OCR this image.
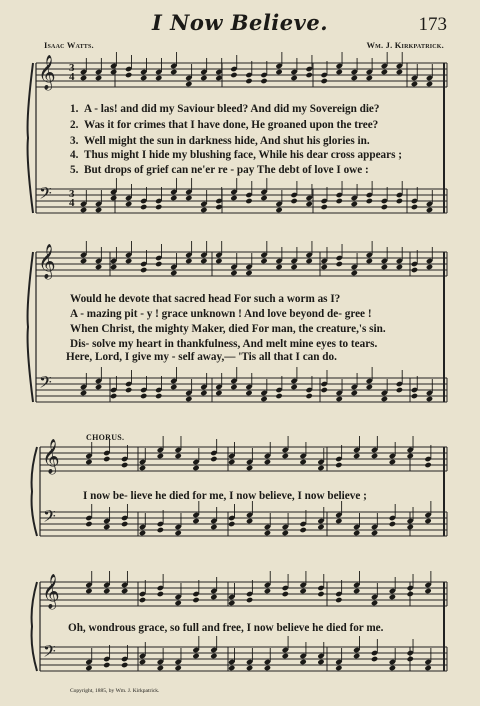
I Now Believe.	173
Isaac Watts.	Wm. J. Kirkpatrick.
𝄞
𝄢
𝄞
𝄢
𝄞
𝄢
𝄞
𝄢
3
4
3
4
1. A - las! and did my Saviour bleed? And did my Sovereign die?
2. Was it for crimes that I have done, He groaned upon the tree?
3. Well might the sun in darkness hide, And shut his glories in.
4. Thus might I hide my blushing face, While his dear cross appears ;
5. But drops of grief can ne'er re - pay The debt of love I owe :
Would he devote that sacred head For such a worm as I?
A - mazing pit - y ! grace unknown ! And love beyond de- gree !
When Christ, the mighty Maker, died For man, the creature,'s sin.
Dis- solve my heart in thankfulness, And melt mine eyes to tears.
Here, Lord, I give my - self away,— 'Tis all that I can do.
CHORUS.
I now be- lieve he died for me, I now believe, I now believe ;
Oh, wondrous grace, so full and free, I now believe he died for me.
Copyright, 1885, by Wm. J. Kirkpatrick.
